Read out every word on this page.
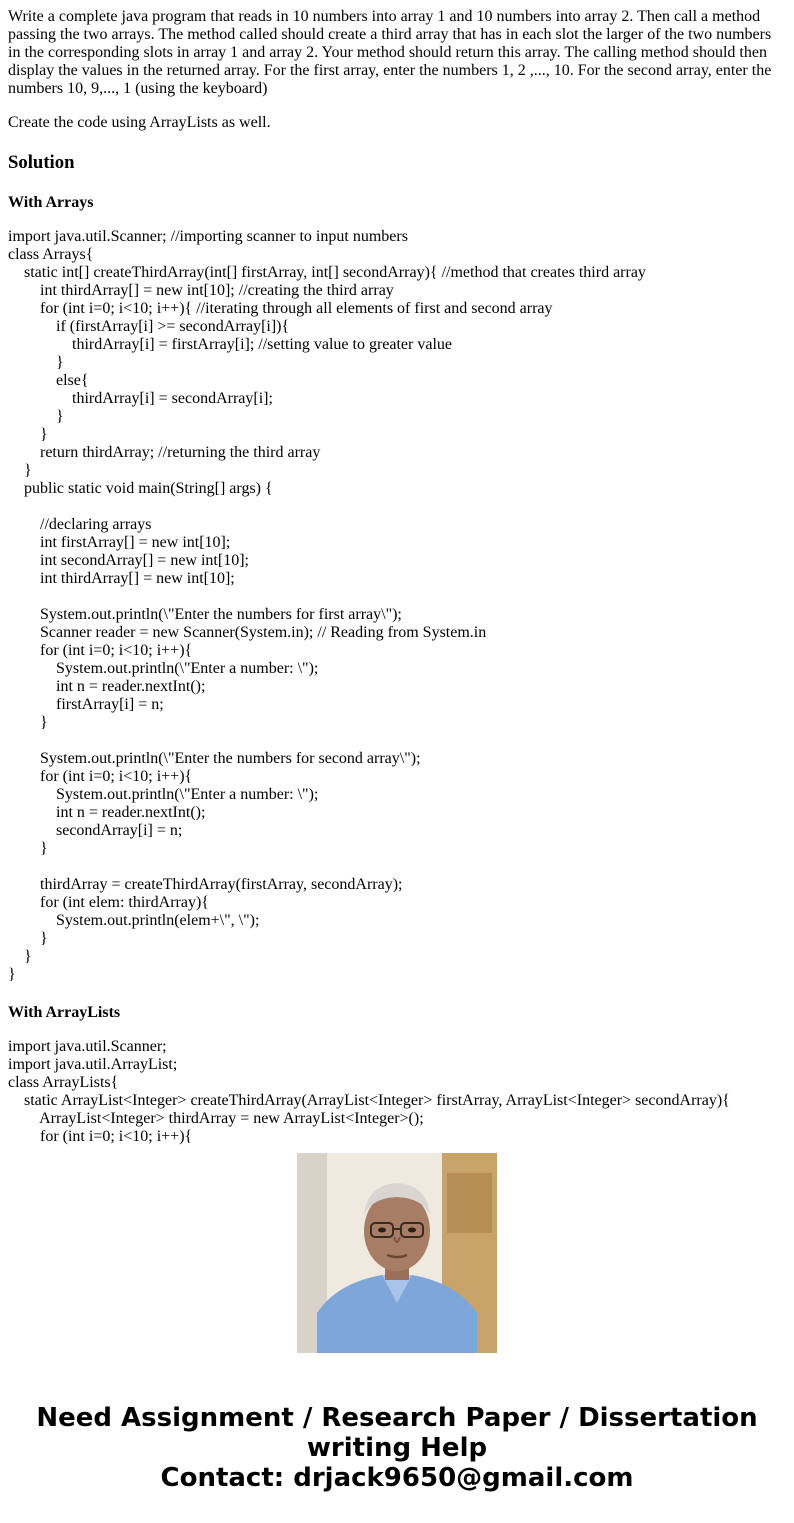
Write a complete java program that reads in 10 numbers into array 1 and 10 numbers into array 2. Then call a method passing the two arrays. The method called should create a third array that has in each slot the larger of the two numbers in the corresponding slots in array 1 and array 2. Your method should return this array. The calling method should then display the values in the returned array. For the first array, enter the numbers 1, 2 ,..., 10. For the second array, enter the numbers 10, 9,..., 1 (using the keyboard)

Create the code using ArrayLists as well.

Solution
With Arrays
import java.util.Scanner; //importing scanner to input numbers
class Arrays{
static int[] createThirdArray(int[] firstArray, int[] secondArray){ //method that creates third array
int thirdArray[] = new int[10]; //creating the third array
for (int i=0; i<10; i++){ //iterating through all elements of first and second array
if (firstArray[i] >= secondArray[i]){
thirdArray[i] = firstArray[i]; //setting value to greater value
}
else{
thirdArray[i] = secondArray[i];
}
}
return thirdArray; //returning the third array
}
public static void main(String[] args) {
//declaring arrays
int firstArray[] = new int[10];
int secondArray[] = new int[10];
int thirdArray[] = new int[10];
System.out.println(\"Enter the numbers for first array\");
Scanner reader = new Scanner(System.in); // Reading from System.in
for (int i=0; i<10; i++){
System.out.println(\"Enter a number: \");
int n = reader.nextInt();
firstArray[i] = n;
}
System.out.println(\"Enter the numbers for second array\");
for (int i=0; i<10; i++){
System.out.println(\"Enter a number: \");
int n = reader.nextInt();
secondArray[i] = n;
}
thirdArray = createThirdArray(firstArray, secondArray);
for (int elem: thirdArray){
System.out.println(elem+\", \");
}
}
}
With ArrayLists
import java.util.Scanner;
import java.util.ArrayList;
class ArrayLists{
static ArrayList<Integer> createThirdArray(ArrayList<Integer> firstArray, ArrayList<Integer> secondArray){
ArrayList<Integer> thirdArray = new ArrayList<Integer>();
for (int i=0; i<10; i++){
Need Assignment / Research Paper / Dissertation
writing Help
Contact: drjack9650@gmail.com
